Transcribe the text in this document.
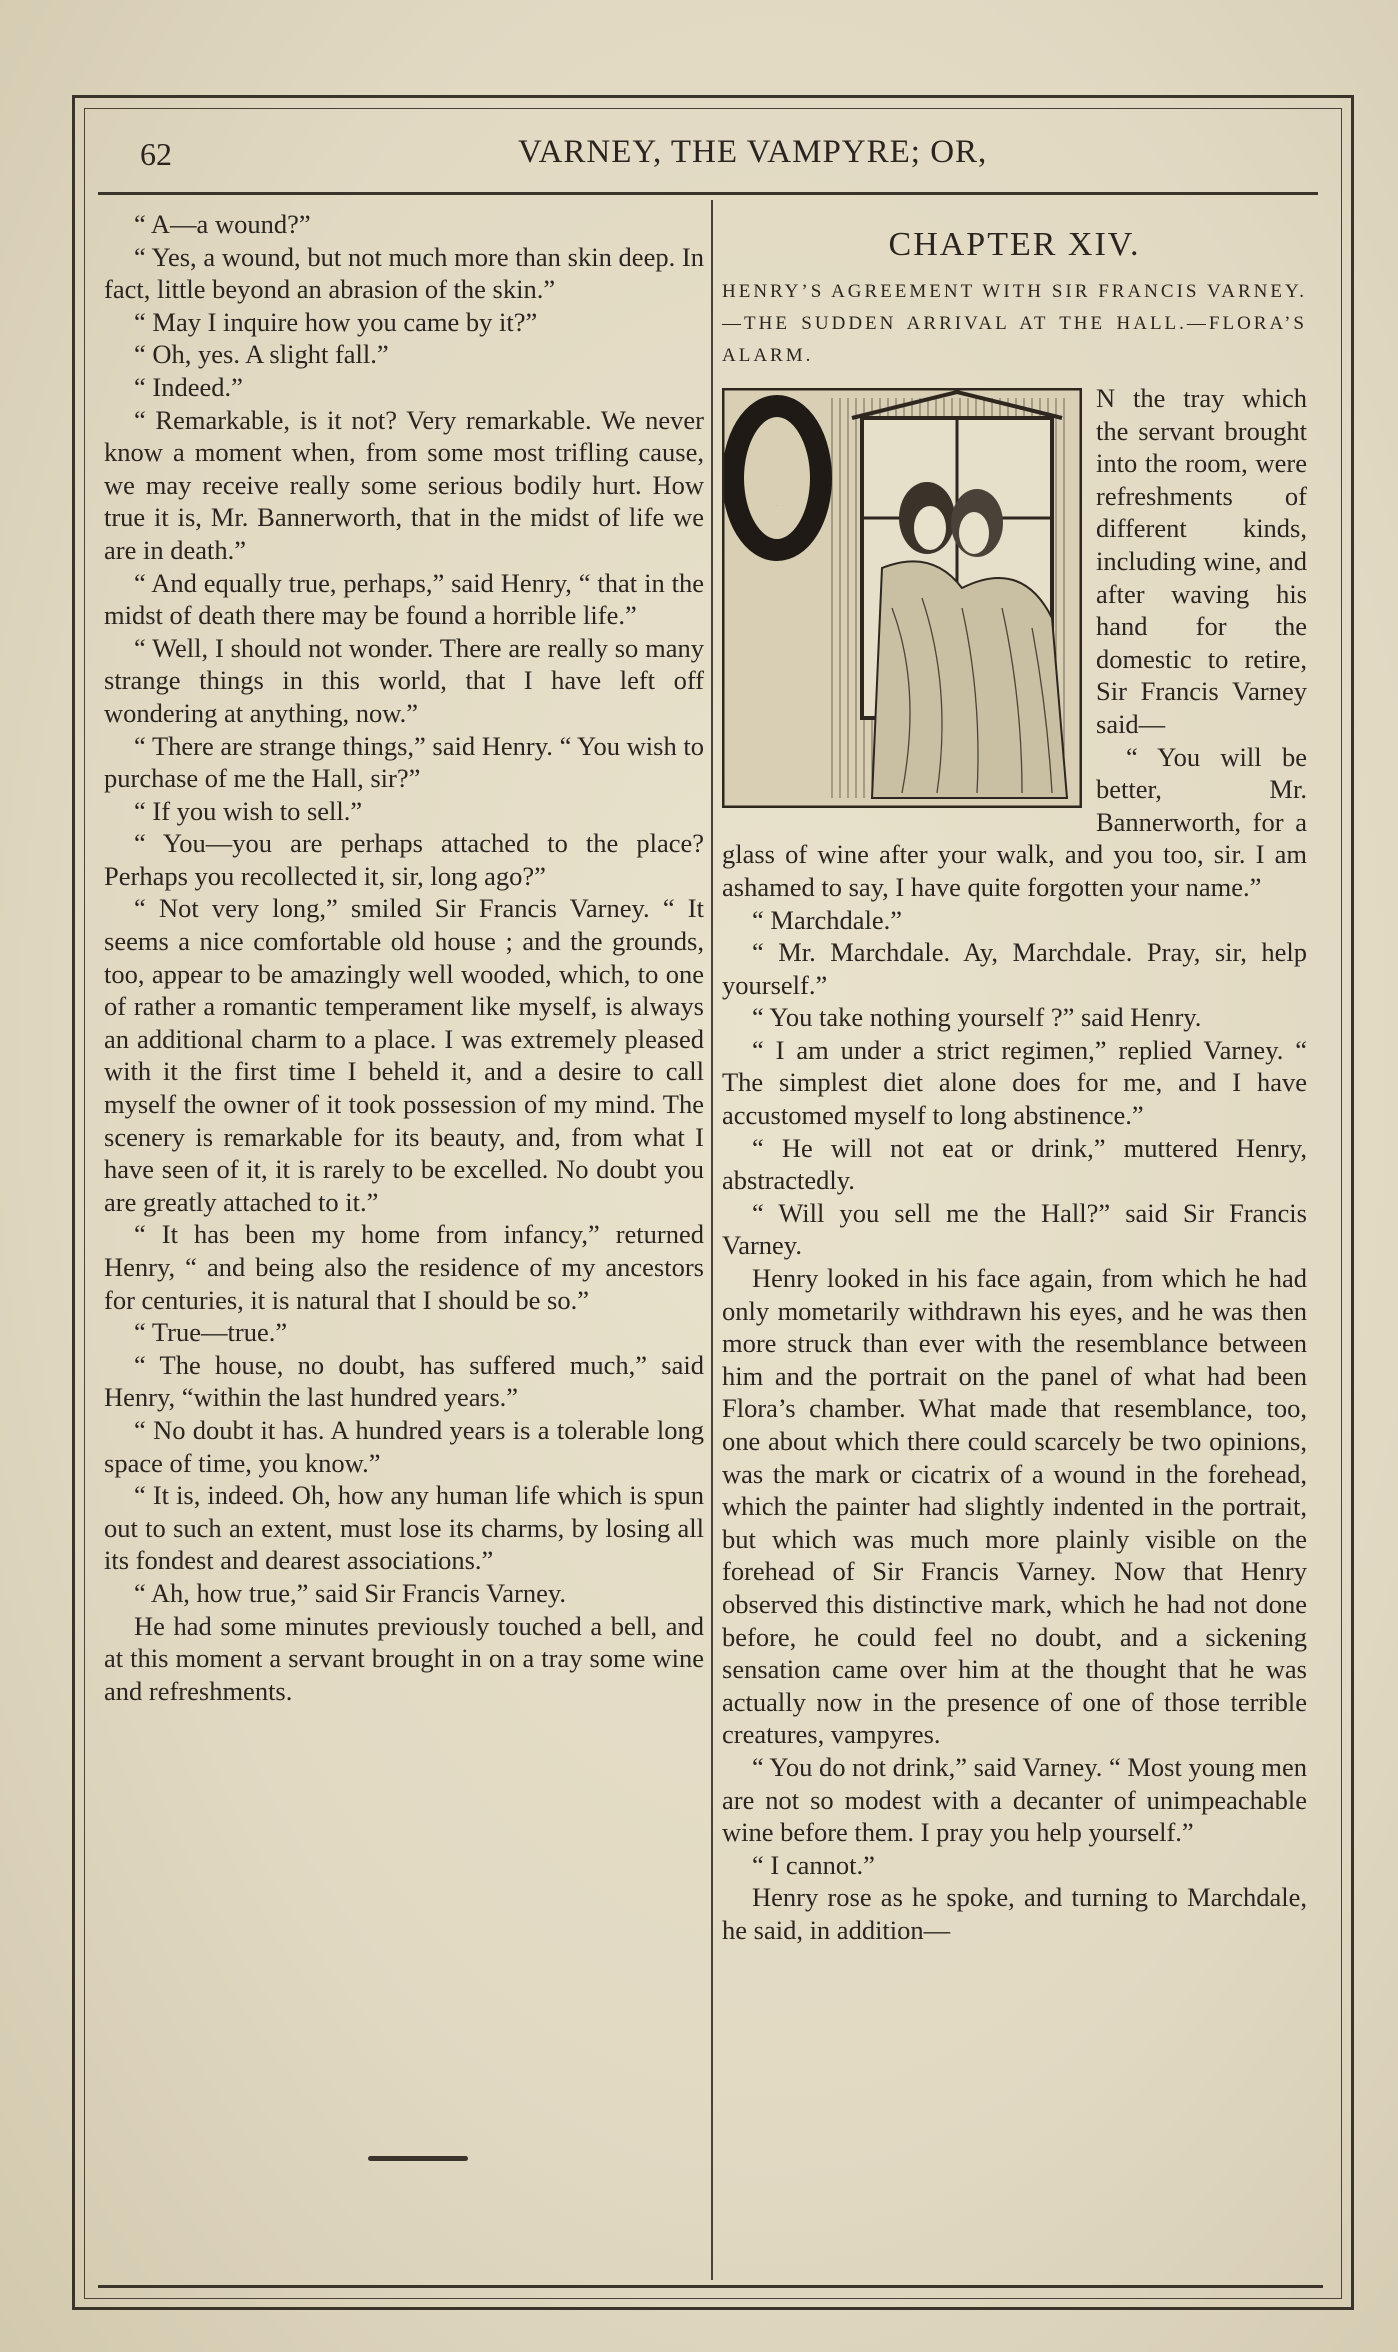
62	VARNEY, THE VAMPYRE; OR,

“ A—a wound?”

“ Yes, a wound, but not much more than skin deep. In fact, little beyond an abrasion of the skin.”

“ May I inquire how you came by it?”

“ Oh, yes. A slight fall.”

“ Indeed.”

“ Remarkable, is it not? Very remarkable. We never know a moment when, from some most trifling cause, we may receive really some serious bodily hurt. How true it is, Mr. Bannerworth, that in the midst of life we are in death.”

“ And equally true, perhaps,” said Henry, “ that in the midst of death there may be found a horrible life.”

“ Well, I should not wonder. There are really so many strange things in this world, that I have left off wondering at anything, now.”

“ There are strange things,” said Henry. “ You wish to purchase of me the Hall, sir?”

“ If you wish to sell.”

“ You—you are perhaps attached to the place? Perhaps you recollected it, sir, long ago?”

“ Not very long,” smiled Sir Francis Varney. “ It seems a nice comfortable old house ; and the grounds, too, appear to be amazingly well wooded, which, to one of rather a romantic temperament like myself, is always an additional charm to a place. I was extremely pleased with it the first time I beheld it, and a desire to call myself the owner of it took possession of my mind. The scenery is remarkable for its beauty, and, from what I have seen of it, it is rarely to be excelled. No doubt you are greatly attached to it.”

“ It has been my home from infancy,” returned Henry, “ and being also the residence of my ancestors for centuries, it is natural that I should be so.”

“ True—true.”

“ The house, no doubt, has suffered much,” said Henry, “within the last hundred years.”

“ No doubt it has. A hundred years is a tolerable long space of time, you know.”

“ It is, indeed. Oh, how any human life which is spun out to such an extent, must lose its charms, by losing all its fondest and dearest associations.”

“ Ah, how true,” said Sir Francis Varney.

He had some minutes previously touched a bell, and at this moment a servant brought in on a tray some wine and refreshments.

CHAPTER XIV.
HENRY’S AGREEMENT WITH SIR FRANCIS VARNEY.—THE SUDDEN ARRIVAL AT THE HALL.—FLORA’S ALARM.
O

N the tray which the servant brought into the room, were refreshments of different kinds, including wine, and after waving his hand for the domestic to retire, Sir Francis Varney said—

“ You will be better, Mr. Bannerworth, for a glass of wine after your walk, and you too, sir. I am ashamed to say, I have quite forgotten your name.”

“ Marchdale.”

“ Mr. Marchdale. Ay, Marchdale. Pray, sir, help yourself.”

“ You take nothing yourself ?” said Henry.

“ I am under a strict regimen,” replied Varney. “ The simplest diet alone does for me, and I have accustomed myself to long abstinence.”

“ He will not eat or drink,” muttered Henry, abstractedly.

“ Will you sell me the Hall?” said Sir Francis Varney.

Henry looked in his face again, from which he had only mometarily withdrawn his eyes, and he was then more struck than ever with the resemblance between him and the portrait on the panel of what had been Flora’s chamber. What made that resemblance, too, one about which there could scarcely be two opinions, was the mark or cicatrix of a wound in the forehead, which the painter had slightly indented in the portrait, but which was much more plainly visible on the forehead of Sir Francis Varney. Now that Henry observed this distinctive mark, which he had not done before, he could feel no doubt, and a sickening sensation came over him at the thought that he was actually now in the presence of one of those terrible creatures, vampyres.

“ You do not drink,” said Varney. “ Most young men are not so modest with a decanter of unimpeachable wine before them. I pray you help yourself.”

“ I cannot.”

Henry rose as he spoke, and turning to Marchdale, he said, in addition—
